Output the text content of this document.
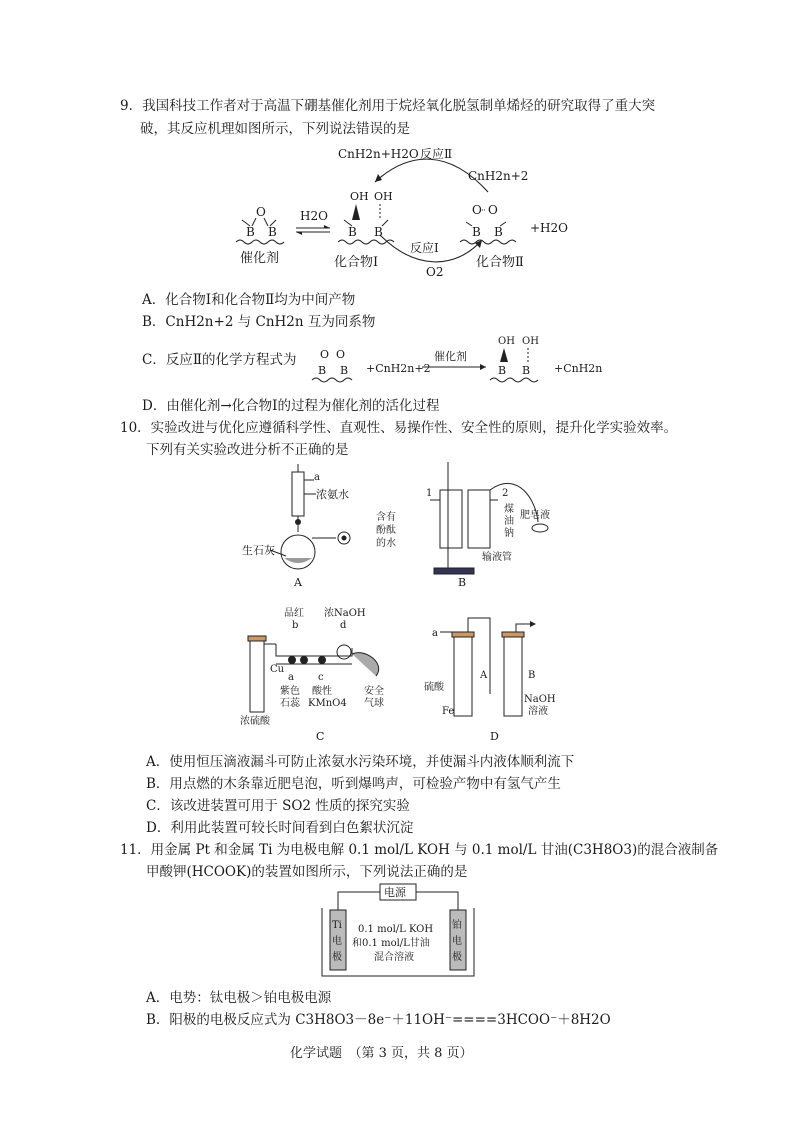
9．我国科技工作者对于高温下硼基催化剂用于烷烃氧化脱氢制单烯烃的研究取得了重大突
破，其反应机理如图所示，下列说法错误的是
CnH2n+H2O 反应Ⅱ
CnH2n+2
反应Ⅰ
O2
O
B B
催化剂
H2O
OH OH
B B
化合物Ⅰ
O O
B B
化合物Ⅱ
+H2O
A．化合物Ⅰ和化合物Ⅱ均为中间产物
B．CnH2n+2 与 CnH2n 互为同系物
C．反应Ⅱ的化学方程式为 O O
B B +CnH2n+2
催化剂
OH OH
B B +CnH2n
D．由催化剂→化合物Ⅰ的过程为催化剂的活化过程
10．实验改进与优化应遵循科学性、直观性、易操作性、安全性的原则，提升化学实验效率。
下列有关实验改进分析不正确的是
a
浓氨水
生石灰
A
1	2
煤
油
钠
含有
酚酞
的水
肥皂液
输液管
B
品红
b
浓NaOH
d
Cu
a c
紫色
石蕊
酸性
KMnO4
安全
气球
浓硫酸
C
a
硫酸
A	B
Fe
NaOH
溶液
D
A．使用恒压滴液漏斗可防止浓氨水污染环境，并使漏斗内液体顺利流下
B．用点燃的木条靠近肥皂泡，听到爆鸣声，可检验产物中有氢气产生
C．该改进装置可用于 SO2 性质的探究实验
D．利用此装置可较长时间看到白色絮状沉淀
11．用金属 Pt 和金属 Ti 为电极电解 0.1 mol/L KOH 与 0.1 mol/L 甘油(C3H8O3)的混合液制备
甲酸钾(HCOOK)的装置如图所示，下列说法正确的是
电源
Ti
电
极
铂
电
极
0.1 mol/L KOH
和0.1 mol/L甘油
混合溶液
A．电势：钛电极＞铂电极电源
B．阳极的电极反应式为 C3H8O3－8e⁻＋11OH⁻====3HCOO⁻＋8H2O
化学试题　（第 3 页，共 8 页）
